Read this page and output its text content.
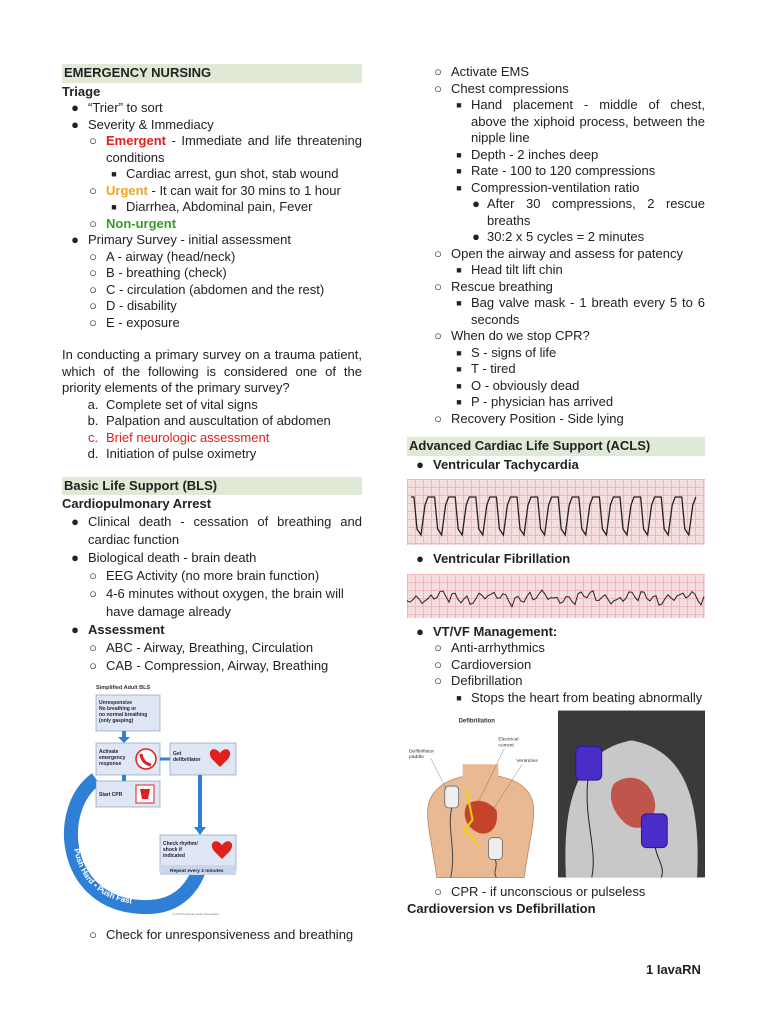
EMERGENCY NURSING
Triage
● “Trier” to sort
● Severity & Immediacy
○ Emergent - Immediate and life threatening conditions
■ Cardiac arrest, gun shot, stab wound
○ Urgent - It can wait for 30 mins to 1 hour
■ Diarrhea, Abdominal pain, Fever
○ Non-urgent
● Primary Survey - initial assessment
○ A - airway (head/neck)
○ B - breathing (check)
○ C - circulation (abdomen and the rest)
○ D - disability
○ E - exposure
In conducting a primary survey on a trauma patient, which of the following is considered one of the priority elements of the primary survey?
a. Complete set of vital signs
b. Palpation and auscultation of abdomen
c. Brief neurologic assessment
d. Initiation of pulse oximetry
Basic Life Support (BLS)
Cardiopulmonary Arrest
● Clinical death - cessation of breathing and cardiac function
● Biological death - brain death
○ EEG Activity (no more brain function)
○ 4-6 minutes without oxygen, the brain will have damage already
● Assessment
○ ABC - Airway, Breathing, Circulation
○ CAB - Compression, Airway, Breathing
Simplified Adult BLS
Push Hard • Push Fast
Unresponsive No breathing or no normal breathing (only gasping)
Activate emergency response
Get defibrillator
Start CPR
Check rhythm/ shock if indicated
Repeat every 2 minutes
© 2010 American Heart Association
○ Check for unresponsiveness and breathing
○ Activate EMS
○ Chest compressions
■ Hand placement - middle of chest, above the xiphoid process, between the nipple line
■ Depth - 2 inches deep
■ Rate - 100 to 120 compressions
■ Compression-ventilation ratio
● After 30 compressions, 2 rescue breaths
● 30:2 x 5 cycles = 2 minutes
○ Open the airway and assess for patency
■ Head tilt lift chin
○ Rescue breathing
■ Bag valve mask - 1 breath every 5 to 6 seconds
○ When do we stop CPR?
■ S - signs of life
■ T - tired
■ O - obviously dead
■ P - physician has arrived
○ Recovery Position - Side lying
Advanced Cardiac Life Support (ACLS)
● Ventricular Tachycardia
● Ventricular Fibrillation
● VT/VF Management:
○ Anti-arrhythmics
○ Cardioversion
○ Defibrillation
■ Stops the heart from beating abnormally
Defibrillation
Defibrillator paddle
Electrical current
Ventricles
○ CPR - if unconscious or pulseless
Cardioversion vs Defibrillation
1 IavaRN
